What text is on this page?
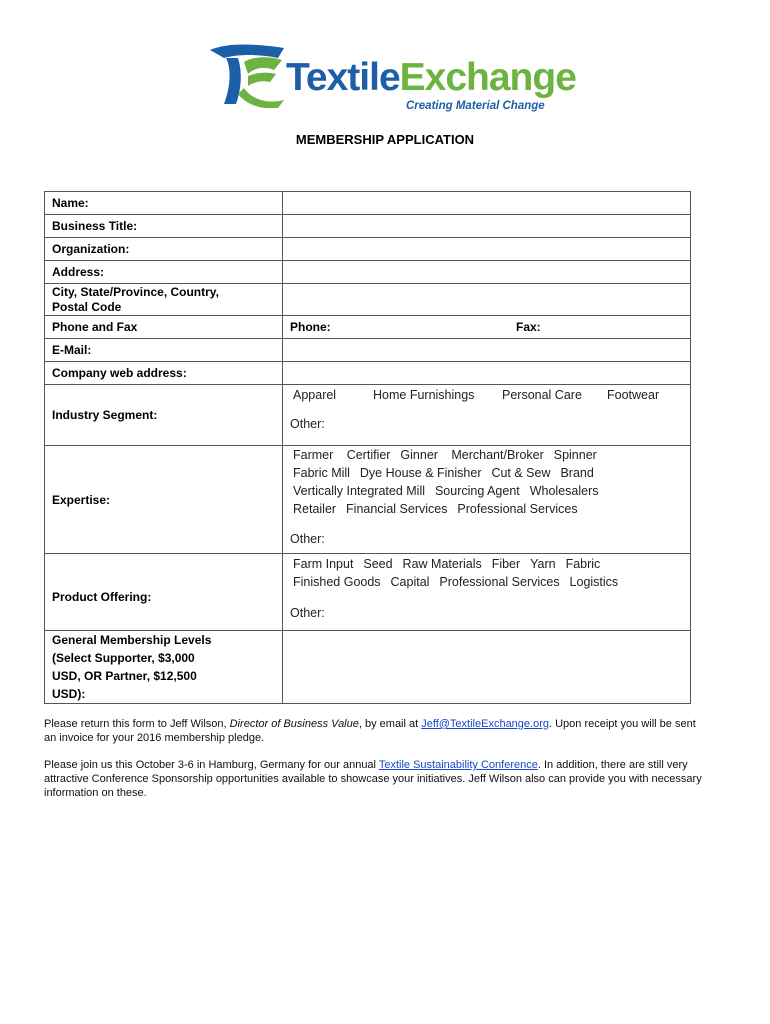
TextileExchange
Creating Material Change
MEMBERSHIP APPLICATION
Name:	

Business Title:	

Organization:	

Address:	

City, State/Province, Country,
Postal Code	

Phone and Fax	Phone: Fax:

E-Mail:	

Company web address:	

Industry Segment:	Apparel Home Furnishings Personal Care Footwear
Other:

Expertise:	Farmer Certifier Ginner Merchant/Broker Spinner
Fabric Mill Dye House & Finisher Cut & Sew Brand
Vertically Integrated Mill Sourcing Agent Wholesalers
Retailer Financial Services Professional Services
Other:

Product Offering:	Farm Input Seed Raw Materials Fiber Yarn Fabric
Finished Goods Capital Professional Services Logistics
Other:

General Membership Levels
(Select Supporter, $3,000
USD, OR Partner, $12,500
USD):	

Please return this form to Jeff Wilson, Director of Business Value, by email at Jeff@TextileExchange.org. Upon receipt you will be sent an invoice for your 2016 membership pledge.
Please join us this October 3-6 in Hamburg, Germany for our annual Textile Sustainability Conference. In addition, there are still very attractive Conference Sponsorship opportunities available to showcase your initiatives. Jeff Wilson also can provide you with necessary information on these.
